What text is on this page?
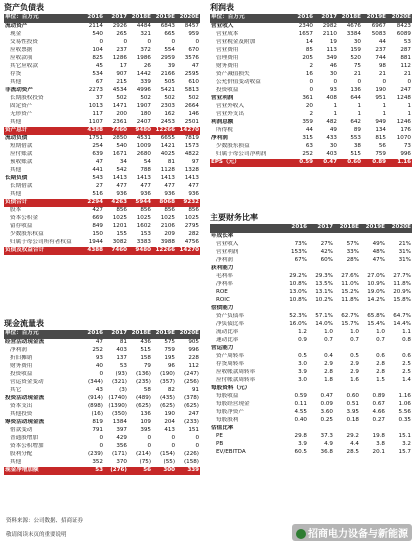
资产负债表
单位：百万元	2016	2017	2018E	2019E	2020E
流动资产	2114	2926	4484	6843	8457
现金	540	265	321	665	959
交易性投资	0	0	0	0	0
应收票据	104	237	372	554	670
应收款项	825	1286	1986	2959	3576
其它应收款	45	17	26	39	47
存货	534	907	1442	2166	2595
其他	67	215	339	505	610
非流动资产	2273	4534	4996	5421	5813
长期股权投资	37	502	502	502	502
固定资产	1013	1471	1907	2303	2664
无形资产	117	200	180	162	146
其他	1107	2361	2407	2453	2501
资产总计	4388	7460	9480	12266	14270
流动负债	1751	2850	4531	6655	7819
短期借款	254	540	1009	1421	1573
应付账款	639	1671	2680	4025	4822
预收账款	47	34	54	81	97
其他	441	542	788	1128	1328
长期负债	543	1413	1413	1413	1413
长期借款	27	477	477	477	477
其他	516	936	936	936	936
负债合计	2294	4263	5944	8068	9232
股本	427	856	856	856	856
资本公积金	669	1025	1025	1025	1025
留存收益	849	1201	1602	2106	2795
少数股东权益	150	155	153	209	282
归属于母公司所有者权益	1944	3082	3383	3988	4756
负债及权益合计	4388	7460	9480	12266	14270
现金流量表
单位：百万元	2016	2017	2018E	2019E	2020E
经营活动现金流	47	81	436	575	905
净利润	252	403	515	759	996
折旧摊销	93	137	158	195	228
财务费用	40	53	79	96	112
投资收益	0	(93)	(136)	(190)	(247)
营运资金变动	(344)	(321)	(235)	(357)	(256)
其它	43	(3)	58	82	91
投资活动现金流	(914)	(1740)	(489)	(435)	(378)
资本支出	(898)	(1390)	(625)	(625)	(625)
其他投资	(16)	(350)	136	190	247
筹资活动现金流	819	1384	109	204	(233)
借款变动	791	397	395	413	151
普通股增加	0	429	0	0	0
资本公积增加	0	356	0	0	0
股利分配	(239)	(171)	(214)	(154)	(226)
其他	352	370	(75)	(55)	(158)
现金净增加额	53	(276)	56	300	339
资料来源：公司数据、招商证券
敬请阅读末页的重要说明
利润表
单位：百万元	2016	2017	2018E	2019E	2020E
营业收入	2340	2982	4676	6967	8423
营业成本	1657	2110	3384	5083	6089
营业税金及附加	14	19	30	44	53
营业费用	85	113	159	237	287
管理费用	205	349	520	744	881
财务费用	2	46	75	98	112
资产减值损失	16	30	21	21	21
公允价值变动收益	0	0	0	0	0
投资收益	0	93	136	190	247
营业利润	361	408	644	951	1248
营业外收入	20	1	1	1	1
营业外支出	2	1	1	1	1
利润总额	359	482	642	949	1246
所得税	44	49	89	134	176
净利润	315	433	553	815	1070
少数股东损益	63	30	38	56	73
归属于母公司净利润	252	403	515	759	996
EPS（元）	0.59	0.47	0.60	0.89	1.16
主要财务比率
	2016	2017	2018E	2019E	2020E
年成长率					
营业收入	73%	27%	57%	49%	21%
营业利润	153%	42%	33%	48%	31%
净利润	67%	60%	28%	47%	31%
获利能力					
毛利率	29.2%	29.3%	27.6%	27.0%	27.7%
净利率	10.8%	13.5%	11.0%	10.9%	11.8%
ROE	13.0%	13.1%	15.2%	19.0%	20.9%
ROIC	10.8%	10.2%	11.8%	14.2%	15.8%
偿债能力					
资产负债率	52.3%	57.1%	62.7%	65.8%	64.7%
净负债比率	16.0%	14.0%	15.7%	15.4%	14.4%
流动比率	1.2	1.0	1.0	1.0	1.1
速动比率	0.9	0.7	0.7	0.7	0.8
营运能力					
资产周转率	0.5	0.4	0.5	0.6	0.6
存货周转率	3.0	2.9	2.9	2.8	2.5
应收帐款周转率	3.9	2.8	2.9	2.8	2.5
应付帐款周转率	3.0	1.8	1.6	1.5	1.4
每股资料（元）					
每股收益	0.59	0.47	0.60	0.89	1.16
每股经营现金	0.11	0.09	0.51	0.67	1.06
每股净资产	4.55	3.60	3.95	4.66	5.56
每股股利	0.40	0.25	0.18	0.27	0.35
估值比率					
PE	29.8	37.3	29.2	19.8	15.1
PB	3.9	4.9	4.4	3.8	3.2
EV/EBITDA	60.5	36.8	28.5	20.1	15.7
招商电力设备与新能源
